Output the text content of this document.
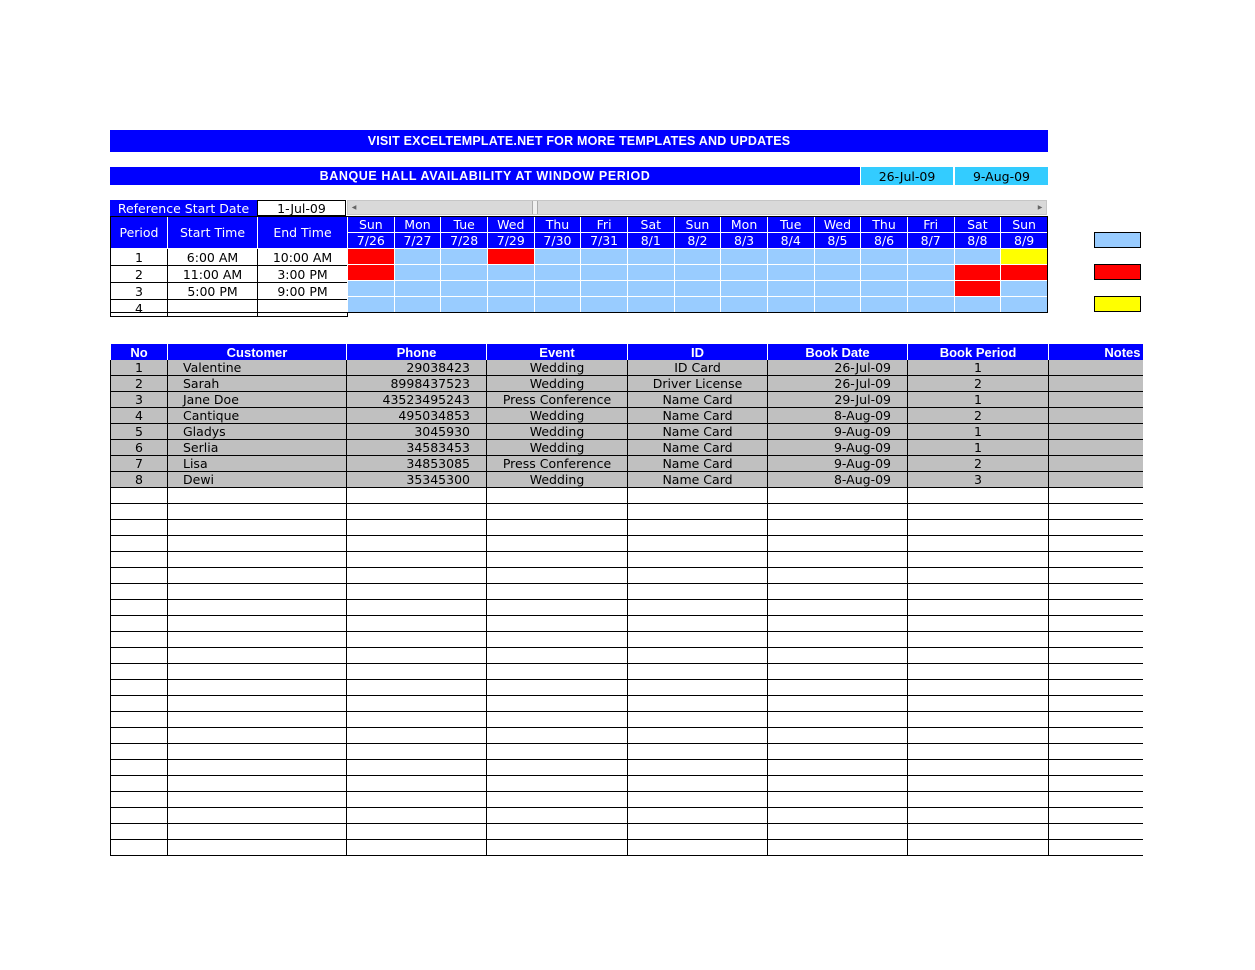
VISIT EXCELTEMPLATE.NET FOR MORE TEMPLATES AND UPDATES
BANQUE HALL AVAILABILITY AT WINDOW PERIOD	26-Jul-09	9-Aug-09
Reference Start Date 1-Jul-09	◀	▶
Period	Start Time	End Time
1	6:00 AM	10:00 AM
2	11:00 AM	3:00 PM
3	5:00 PM	9:00 PM
4		
Sun	Mon	Tue	Wed	Thu	Fri	Sat	Sun	Mon	Tue	Wed	Thu	Fri	Sat	Sun
7/26	7/27	7/28	7/29	7/30	7/31	8/1	8/2	8/3	8/4	8/5	8/6	8/7	8/8	8/9

No	Customer	Phone	Event	ID	Book Date	Book Period	Notes
1	Valentine	29038423	Wedding	ID Card	26-Jul-09	1	
2	Sarah	8998437523	Wedding	Driver License	26-Jul-09	2	
3	Jane Doe	43523495243	Press Conference	Name Card	29-Jul-09	1	
4	Cantique	495034853	Wedding	Name Card	8-Aug-09	2	
5	Gladys	3045930	Wedding	Name Card	9-Aug-09	1	
6	Serlia	34583453	Wedding	Name Card	9-Aug-09	1	
7	Lisa	34853085	Press Conference	Name Card	9-Aug-09	2	
8	Dewi	35345300	Wedding	Name Card	8-Aug-09	3	
